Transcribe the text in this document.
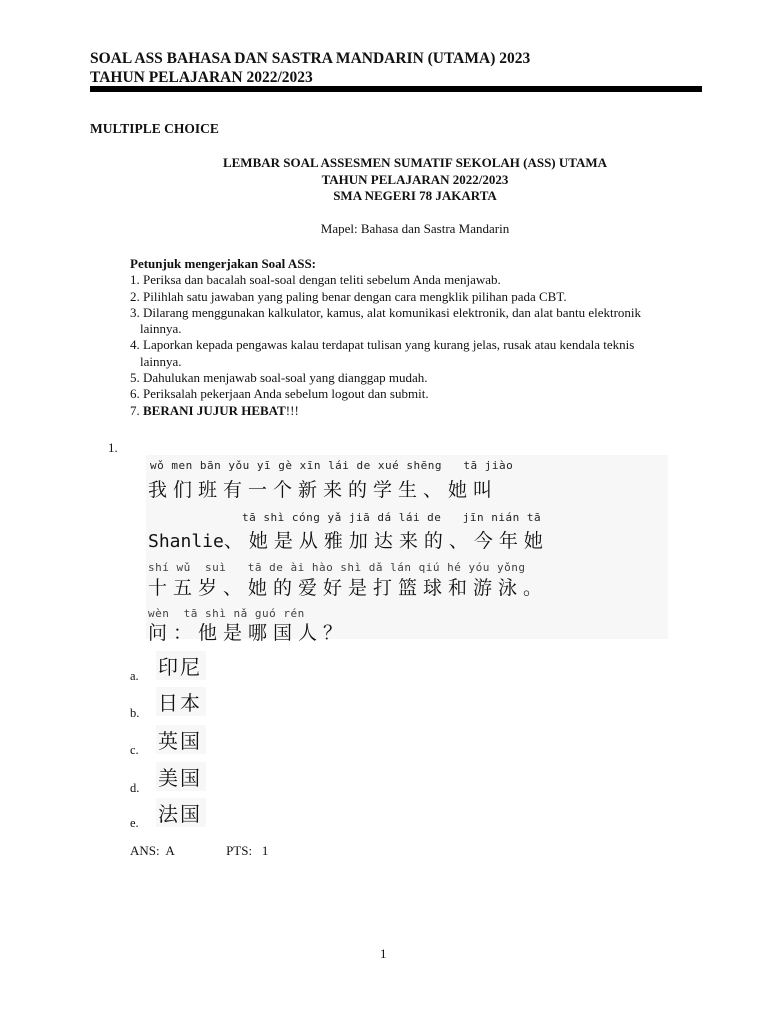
SOAL ASS BAHASA DAN SASTRA MANDARIN (UTAMA) 2023
TAHUN PELAJARAN 2022/2023
MULTIPLE CHOICE
LEMBAR SOAL ASSESMEN SUMATIF SEKOLAH (ASS) UTAMA
TAHUN PELAJARAN 2022/2023
SMA NEGERI 78 JAKARTA
Mapel: Bahasa dan Sastra Mandarin
Petunjuk mengerjakan Soal ASS:
1. Periksa dan bacalah soal-soal dengan teliti sebelum Anda menjawab.
2. Pilihlah satu jawaban yang paling benar dengan cara mengklik pilihan pada CBT.
3. Dilarang menggunakan kalkulator, kamus, alat komunikasi elektronik, dan alat bantu elektronik
lainnya.
4. Laporkan kepada pengawas kalau terdapat tulisan yang kurang jelas, rusak atau kendala teknis
lainnya.
5. Dahulukan menjawab soal-soal yang dianggap mudah.
6. Periksalah pekerjaan Anda sebelum logout dan submit.
7. BERANI JUJUR HEBAT!!!
1.
wǒ men bān yǒu yī gè xīn lái de xué shēng   tā jiào
我们班有一个新来的学生、她叫
tā shì cóng yǎ jiā dá lái de   jīn nián tā
Shanlie、她是从雅加达来的、今年她
shí wǔ  suì   tā de ài hào shì dǎ lán qiú hé yóu yǒng
十五岁、她的爱好是打篮球和游泳。
wèn  tā shì nǎ guó rén
问：他是哪国人？
a. 印尼
b. 日本
c. 英国
d. 美国
e. 法国
ANS:  A                PTS:   1
1
